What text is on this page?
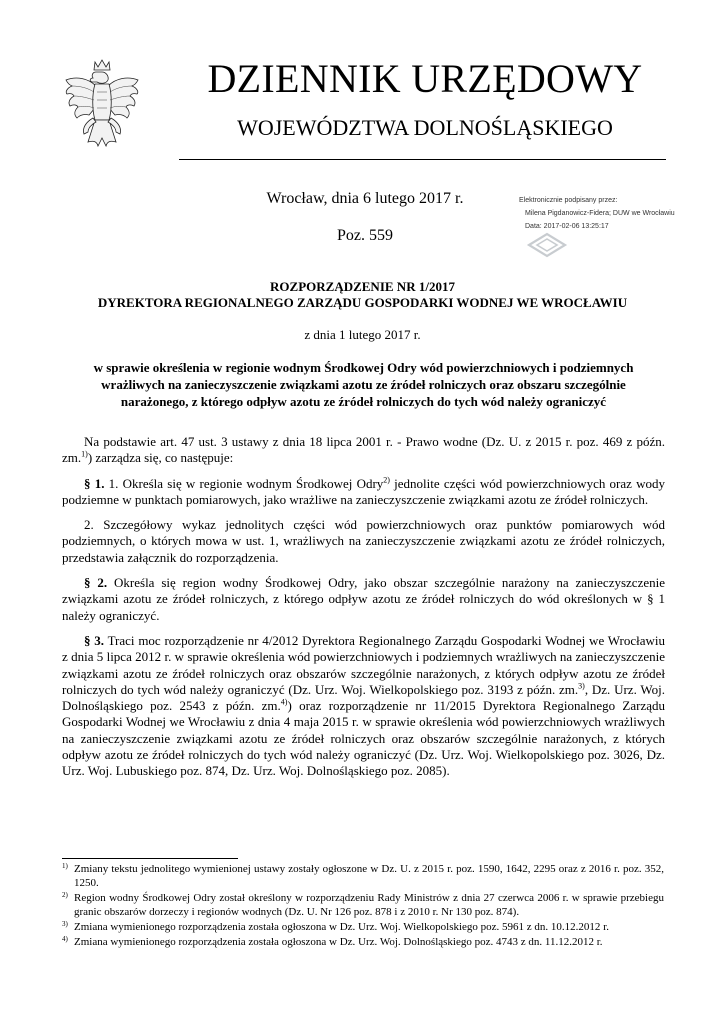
DZIENNIK URZĘDOWY
WOJEWÓDZTWA DOLNOŚLĄSKIEGO
Wrocław, dnia 6 lutego 2017 r.
Poz. 559
Elektronicznie podpisany przez:
Milena Pigdanowicz-Fidera; DUW we Wrocławiu
Data: 2017-02-06 13:25:17
ROZPORZĄDZENIE NR 1/2017
DYREKTORA REGIONALNEGO ZARZĄDU GOSPODARKI WODNEJ WE WROCŁAWIU
z dnia 1 lutego 2017 r.
w sprawie określenia w regionie wodnym Środkowej Odry wód powierzchniowych i podziemnych wrażliwych na zanieczyszczenie związkami azotu ze źródeł rolniczych oraz obszaru szczególnie narażonego, z którego odpływ azotu ze źródeł rolniczych do tych wód należy ograniczyć

Na podstawie art. 47 ust. 3 ustawy z dnia 18 lipca 2001 r. - Prawo wodne (Dz. U. z 2015 r. poz. 469 z późn. zm.$^{1)}$) zarządza się, co następuje:

§ 1. 1. Określa się w regionie wodnym Środkowej Odry$^{2)}$ jednolite części wód powierzchniowych oraz wody podziemne w punktach pomiarowych, jako wrażliwe na zanieczyszczenie związkami azotu ze źródeł rolniczych.

2. Szczegółowy wykaz jednolitych części wód powierzchniowych oraz punktów pomiarowych wód podziemnych, o których mowa w ust. 1, wrażliwych na zanieczyszczenie związkami azotu ze źródeł rolniczych, przedstawia załącznik do rozporządzenia.

§ 2. Określa się region wodny Środkowej Odry, jako obszar szczególnie narażony na zanieczyszczenie związkami azotu ze źródeł rolniczych, z którego odpływ azotu ze źródeł rolniczych do wód określonych w § 1 należy ograniczyć.

§ 3. Traci moc rozporządzenie nr 4/2012 Dyrektora Regionalnego Zarządu Gospodarki Wodnej we Wrocławiu z dnia 5 lipca 2012 r. w sprawie określenia wód powierzchniowych i podziemnych wrażliwych na zanieczyszczenie związkami azotu ze źródeł rolniczych oraz obszarów szczególnie narażonych, z których odpływ azotu ze źródeł rolniczych do tych wód należy ograniczyć (Dz. Urz. Woj. Wielkopolskiego poz. 3193 z późn. zm.$^{3)}$, Dz. Urz. Woj. Dolnośląskiego poz. 2543 z późn. zm.$^{4)}$) oraz rozporządzenie nr 11/2015 Dyrektora Regionalnego Zarządu Gospodarki Wodnej we Wrocławiu z dnia 4 maja 2015 r. w sprawie określenia wód powierzchniowych wrażliwych na zanieczyszczenie związkami azotu ze źródeł rolniczych oraz obszarów szczególnie narażonych, z których odpływ azotu ze źródeł rolniczych do tych wód należy ograniczyć (Dz. Urz. Woj. Wielkopolskiego poz. 3026, Dz. Urz. Woj. Lubuskiego poz. 874, Dz. Urz. Woj. Dolnośląskiego poz. 2085).

1) Zmiany tekstu jednolitego wymienionej ustawy zostały ogłoszone w Dz. U. z 2015 r. poz. 1590, 1642, 2295 oraz z 2016 r. poz. 352, 1250.
2) Region wodny Środkowej Odry został określony w rozporządzeniu Rady Ministrów z dnia 27 czerwca 2006 r. w sprawie przebiegu granic obszarów dorzeczy i regionów wodnych (Dz. U. Nr 126 poz. 878 i z 2010 r. Nr 130 poz. 874).
3) Zmiana wymienionego rozporządzenia została ogłoszona w Dz. Urz. Woj. Wielkopolskiego poz. 5961 z dn. 10.12.2012 r.
4) Zmiana wymienionego rozporządzenia została ogłoszona w Dz. Urz. Woj. Dolnośląskiego poz. 4743 z dn. 11.12.2012 r.
